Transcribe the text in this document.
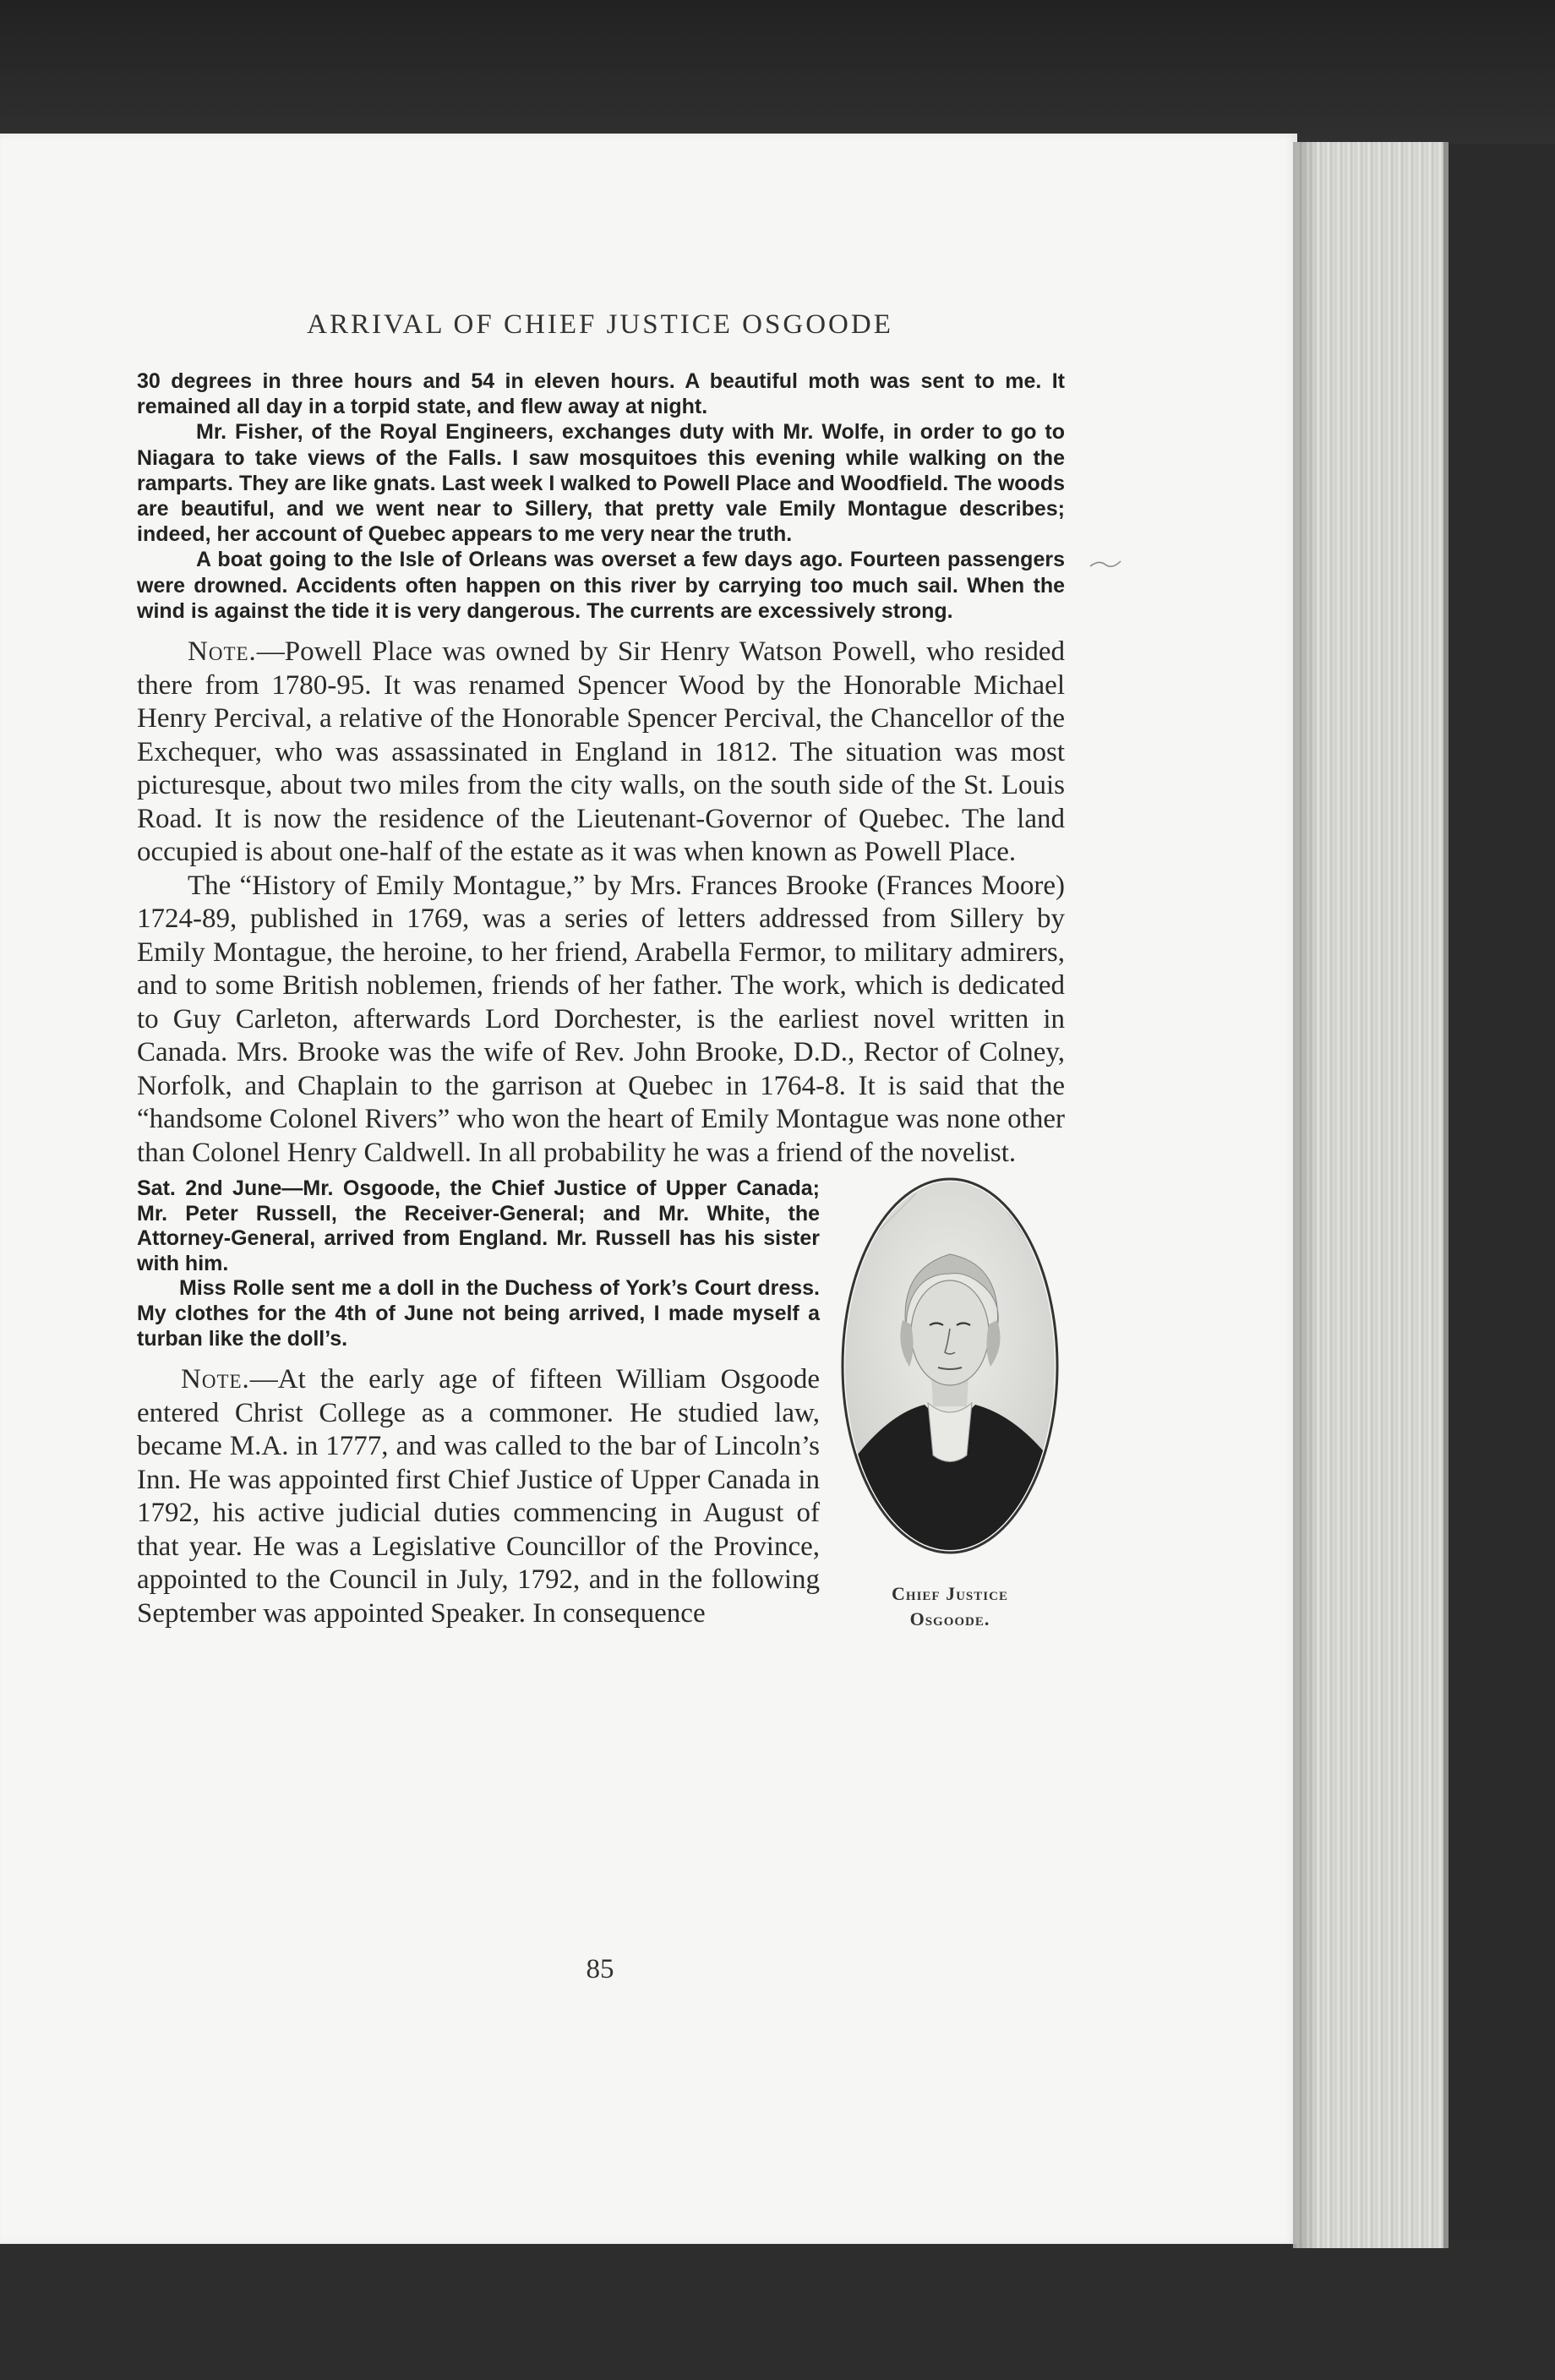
ARRIVAL OF CHIEF JUSTICE OSGOODE

30 degrees in three hours and 54 in eleven hours. A beautiful moth was sent to me. It remained all day in a torpid state, and flew away at night.

Mr. Fisher, of the Royal Engineers, exchanges duty with Mr. Wolfe, in order to go to Niagara to take views of the Falls. I saw mosquitoes this evening while walking on the ramparts. They are like gnats. Last week I walked to Powell Place and Woodfield. The woods are beautiful, and we went near to Sillery, that pretty vale Emily Montague describes; indeed, her account of Quebec appears to me very near the truth.

A boat going to the Isle of Orleans was overset a few days ago. Fourteen passengers were drowned. Accidents often happen on this river by carrying too much sail. When the wind is against the tide it is very dangerous. The currents are excessively strong.

Note.—Powell Place was owned by Sir Henry Watson Powell, who resided there from 1780-95. It was renamed Spencer Wood by the Honorable Michael Henry Percival, a relative of the Honorable Spencer Percival, the Chancellor of the Exchequer, who was assassinated in England in 1812. The situation was most picturesque, about two miles from the city walls, on the south side of the St. Louis Road. It is now the residence of the Lieutenant-Governor of Quebec. The land occupied is about one-half of the estate as it was when known as Powell Place.

The “History of Emily Montague,” by Mrs. Frances Brooke (Frances Moore) 1724-89, published in 1769, was a series of letters addressed from Sillery by Emily Montague, the heroine, to her friend, Arabella Fermor, to military admirers, and to some British noblemen, friends of her father. The work, which is dedicated to Guy Carleton, afterwards Lord Dorchester, is the earliest novel written in Canada. Mrs. Brooke was the wife of Rev. John Brooke, D.D., Rector of Colney, Norfolk, and Chaplain to the garrison at Quebec in 1764-8. It is said that the “handsome Colonel Rivers” who won the heart of Emily Montague was none other than Colonel Henry Caldwell. In all probability he was a friend of the novelist.

Chief Justice
Osgoode.

Sat. 2nd June—Mr. Osgoode, the Chief Justice of Upper Canada; Mr. Peter Russell, the Receiver-General; and Mr. White, the Attorney-General, arrived from England. Mr. Russell has his sister with him.

Miss Rolle sent me a doll in the Duchess of York’s Court dress. My clothes for the 4th of June not being arrived, I made myself a turban like the doll’s.

Note.—At the early age of fifteen William Osgoode entered Christ College as a commoner. He studied law, became M.A. in 1777, and was called to the bar of Lincoln’s Inn. He was appointed first Chief Justice of Upper Canada in 1792, his active judicial duties commencing in August of that year. He was a Legislative Councillor of the Province, appointed to the Council in July, 1792, and in the following September was appointed Speaker. In consequence

85
